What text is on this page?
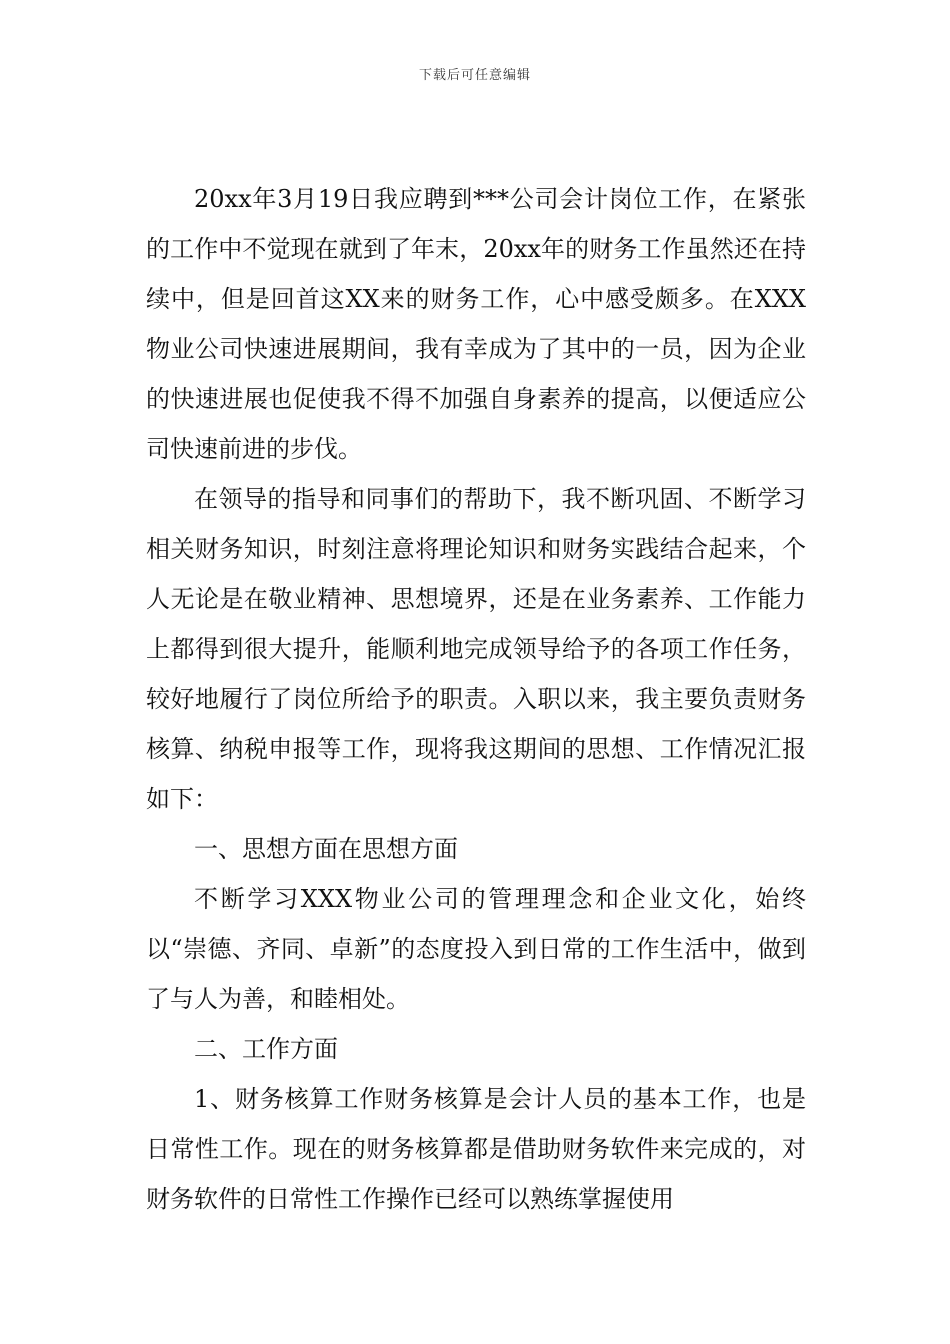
下载后可任意编辑

20xx年3月19日我应聘到***公司会计岗位工作，在紧张的工作中不觉现在就到了年末，20xx年的财务工作虽然还在持续中，但是回首这XX来的财务工作，心中感受颇多。在XXX物业公司快速进展期间，我有幸成为了其中的一员，因为企业的快速进展也促使我不得不加强自身素养的提高，以便适应公司快速前进的步伐。

在领导的指导和同事们的帮助下，我不断巩固、不断学习相关财务知识，时刻注意将理论知识和财务实践结合起来，个人无论是在敬业精神、思想境界，还是在业务素养、工作能力上都得到很大提升，能顺利地完成领导给予的各项工作任务，较好地履行了岗位所给予的职责。入职以来，我主要负责财务核算、纳税申报等工作，现将我这期间的思想、工作情况汇报如下：

一、思想方面在思想方面

不断学习XXX物业公司的管理理念和企业文化，始终以“崇德、齐同、卓新”的态度投入到日常的工作生活中，做到了与人为善，和睦相处。

二、工作方面

1、财务核算工作财务核算是会计人员的基本工作，也是日常性工作。现在的财务核算都是借助财务软件来完成的，对财务软件的日常性工作操作已经可以熟练掌握使用
